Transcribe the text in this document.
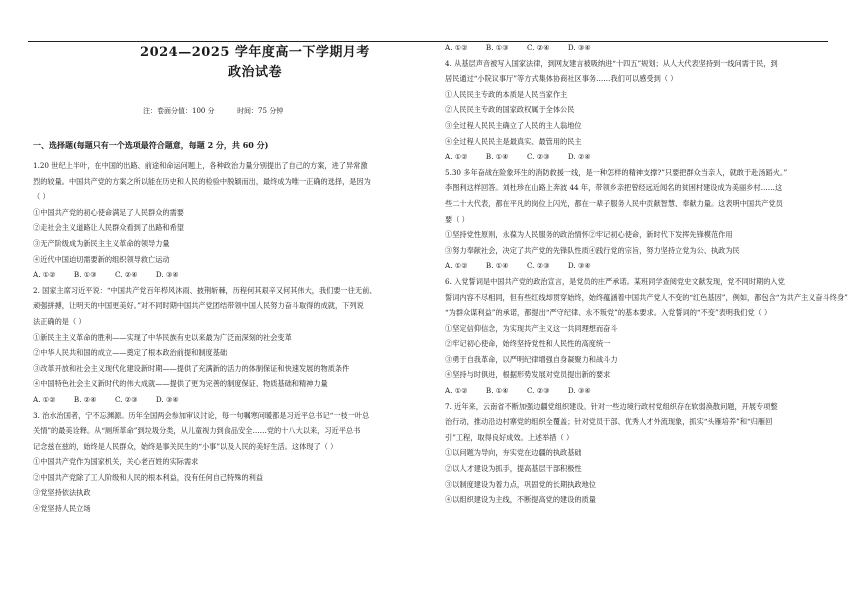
2024—2025 学年度高一下学期月考
政治试卷
注：卷面分值：100 分	时间：75 分钟
一、选择题(每题只有一个选项最符合题意，每题 2 分，共 60 分)

1.20 世纪上半叶，在中国的出路、前途和命运问题上，各种政治力量分别提出了自己的方案，进了异常激

烈的较量。中国共产党的方案之所以能在历史和人民的检验中脱颖而出，最终成为唯一正确的选择，是因为

（ ）

①中国共产党的初心使命满足了人民群众的需要

②走社会主义道路让人民群众看到了出路和希望

③无产阶级成为新民主主义革命的领导力量

④近代中国迫切需要新的组织领导救亡运动

A. ①②        B. ①③        C. ②④        D. ③④

2. 国家主席习近平说：“中国共产党百年栉风沐雨、披荆斩棘，历程何其艰辛又何其伟大，我们要一往无前、

顽强拼搏，让明天的中国更美好。”对不同时期中国共产党团结带领中国人民努力奋斗取得的成就，下列说

法正确的是（ ）

①新民主主义革命的胜利——实现了中华民族有史以来最为广泛而深刻的社会变革

②中华人民共和国的成立——奠定了根本政治前提和制度基础

③改革开放和社会主义现代化建设新时期——提供了充满新的活力的体制保证和快速发展的物质条件

④中国特色社会主义新时代的伟大成就——提供了更为完善的制度保证、物质基础和精神力量

A. ①②        B. ②④        C. ②③        D. ③④

3. 治水治国者，宁不忘渊源。历年全国两会参加审议讨论，每一句嘱寒问暖都是习近平总书记“一枝一叶总

关情”的最美诠释。从“厕所革命”到垃圾分类，从儿童视力到食品安全……党的十八大以来，习近平总书

记念兹在兹的，始终是人民群众，始终是事关民生的“小事”以及人民的美好生活。这体现了（ ）

①中国共产党作为国家机关，关心老百姓的实际需求

②中国共产党除了工人阶级和人民的根本利益，没有任何自己特殊的利益

③党坚持依法执政

④党坚持人民立场

A. ①②        B. ①③        C. ②④        D. ③④

4. 从基层声音被写入国家法律，到网友建言被吸纳进“十四五”规划；从人大代表坚持到一线问需于民，到

居民通过“小院议事厅”等方式集体协商社区事务……我们可以感受到（ ）

①人民民主专政的本质是人民当家作主

②人民民主专政的国家政权属于全体公民

③全过程人民民主确立了人民的主人翁地位

④全过程人民民主是最真实、最管用的民主

A. ①②        B. ①④        C. ②③        D. ②④

5.30 多年奋战在险象环生的消防救援一线，是一种怎样的精神支撑?”只要把群众当亲人，就敢于赴汤蹈火。”

李图利这样回答。刘杜珍在山路上奔波 44 年，带领乡亲把曾经远近闻名的贫困村建设成为美丽乡村……这

些二十大代表，都在平凡的岗位上闪光，都在一辈子服务人民中贡献智慧、奉献力量。这表明中国共产党员

要（ ）

①坚持党性原则，永葆为人民服务的政治情怀②牢记初心使命，新时代下发挥先锋模范作用

③努力奉献社会，决定了共产党的先锋队性质④践行党的宗旨，努力坚持立党为公、执政为民

A. ①②        B. ①④        C. ②③        D. ③④

6. 入党誓词是中国共产党的政治宣言，是党员的庄严承诺。某班同学查阅党史文献发现，党不同时期的入党

誓词内容不尽相同，但有些红线却贯穿始终，始终蕴涵着中国共产党人不变的“红色基因”，例如，都包含“为共产主义奋斗终身”

“为群众谋利益”的承诺，都提出“严守纪律、永不叛党”的基本要求。入党誓词的“不变”表明我们党（ ）

①坚定信仰信念，为实现共产主义这一共同理想而奋斗

②牢记初心使命，始终坚持党性和人民性的高度统一

③勇于自我革命，以严明纪律增强自身凝聚力和战斗力

④坚持与时俱进，根据形势发展对党员提出新的要求

A. ①②        B. ①④        C. ②③        D. ③④

7. 近年来，云南省不断加强边疆党组织建设。针对一些边境行政村党组织存在软弱涣散问题，开展专项整

治行动，推动沿边村寨党的组织全覆盖；针对党员干部、优秀人才外流现象，抓实“头雁培养”和“归雁回

引”工程，取得良好成效。上述举措（ ）

①以问题为导向，夯实党在边疆的执政基础

②以人才建设为抓手，提高基层干部积极性

③以制度建设为着力点，巩固党的长期执政地位

④以组织建设为主线，不断提高党的建设的质量
